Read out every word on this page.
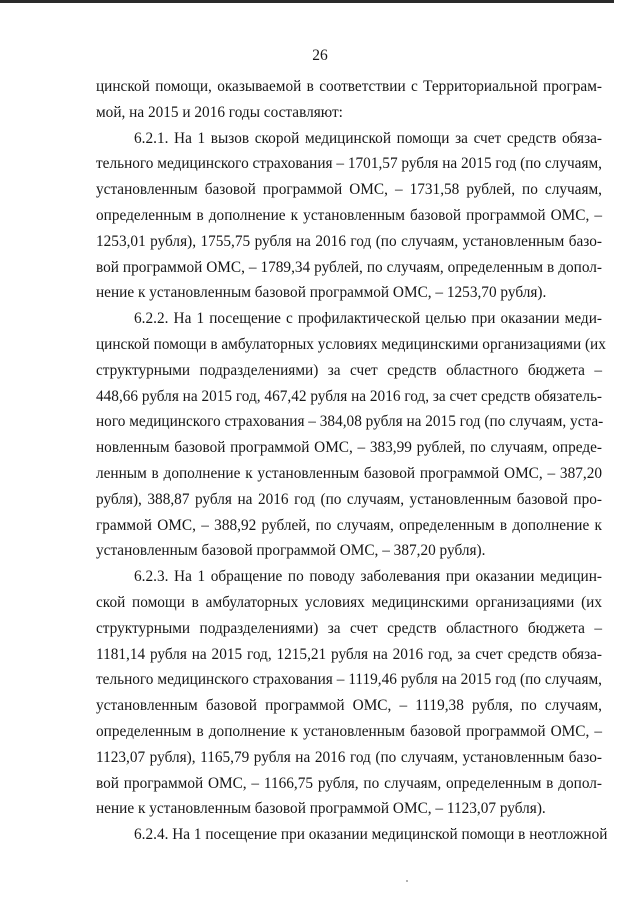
26
цинской помощи, оказываемой в соответствии с Территориальной програм-
мой, на 2015 и 2016 годы составляют:
6.2.1. На 1 вызов скорой медицинской помощи за счет средств обяза-
тельного медицинского страхования – 1701,57 рубля на 2015 год (по случаям,
установленным базовой программой ОМС, – 1731,58 рублей, по случаям,
определенным в дополнение к установленным базовой программой ОМС, –
1253,01 рубля), 1755,75 рубля на 2016 год (по случаям, установленным базо-
вой программой ОМС, – 1789,34 рублей, по случаям, определенным в допол-
нение к установленным базовой программой ОМС, – 1253,70 рубля).
6.2.2. На 1 посещение с профилактической целью при оказании меди-
цинской помощи в амбулаторных условиях медицинскими организациями (их
структурными подразделениями) за счет средств областного бюджета –
448,66 рубля на 2015 год, 467,42 рубля на 2016 год, за счет средств обязатель-
ного медицинского страхования – 384,08 рубля на 2015 год (по случаям, уста-
новленным базовой программой ОМС, – 383,99 рублей, по случаям, опреде-
ленным в дополнение к установленным базовой программой ОМС, – 387,20
рубля), 388,87 рубля на 2016 год (по случаям, установленным базовой про-
граммой ОМС, – 388,92 рублей, по случаям, определенным в дополнение к
установленным базовой программой ОМС, – 387,20 рубля).
6.2.3. На 1 обращение по поводу заболевания при оказании медицин-
ской помощи в амбулаторных условиях медицинскими организациями (их
структурными подразделениями) за счет средств областного бюджета –
1181,14 рубля на 2015 год, 1215,21 рубля на 2016 год, за счет средств обяза-
тельного медицинского страхования – 1119,46 рубля на 2015 год (по случаям,
установленным базовой программой ОМС, – 1119,38 рубля, по случаям,
определенным в дополнение к установленным базовой программой ОМС, –
1123,07 рубля), 1165,79 рубля на 2016 год (по случаям, установленным базо-
вой программой ОМС, – 1166,75 рубля, по случаям, определенным в допол-
нение к установленным базовой программой ОМС, – 1123,07 рубля).
6.2.4. На 1 посещение при оказании медицинской помощи в неотложной
